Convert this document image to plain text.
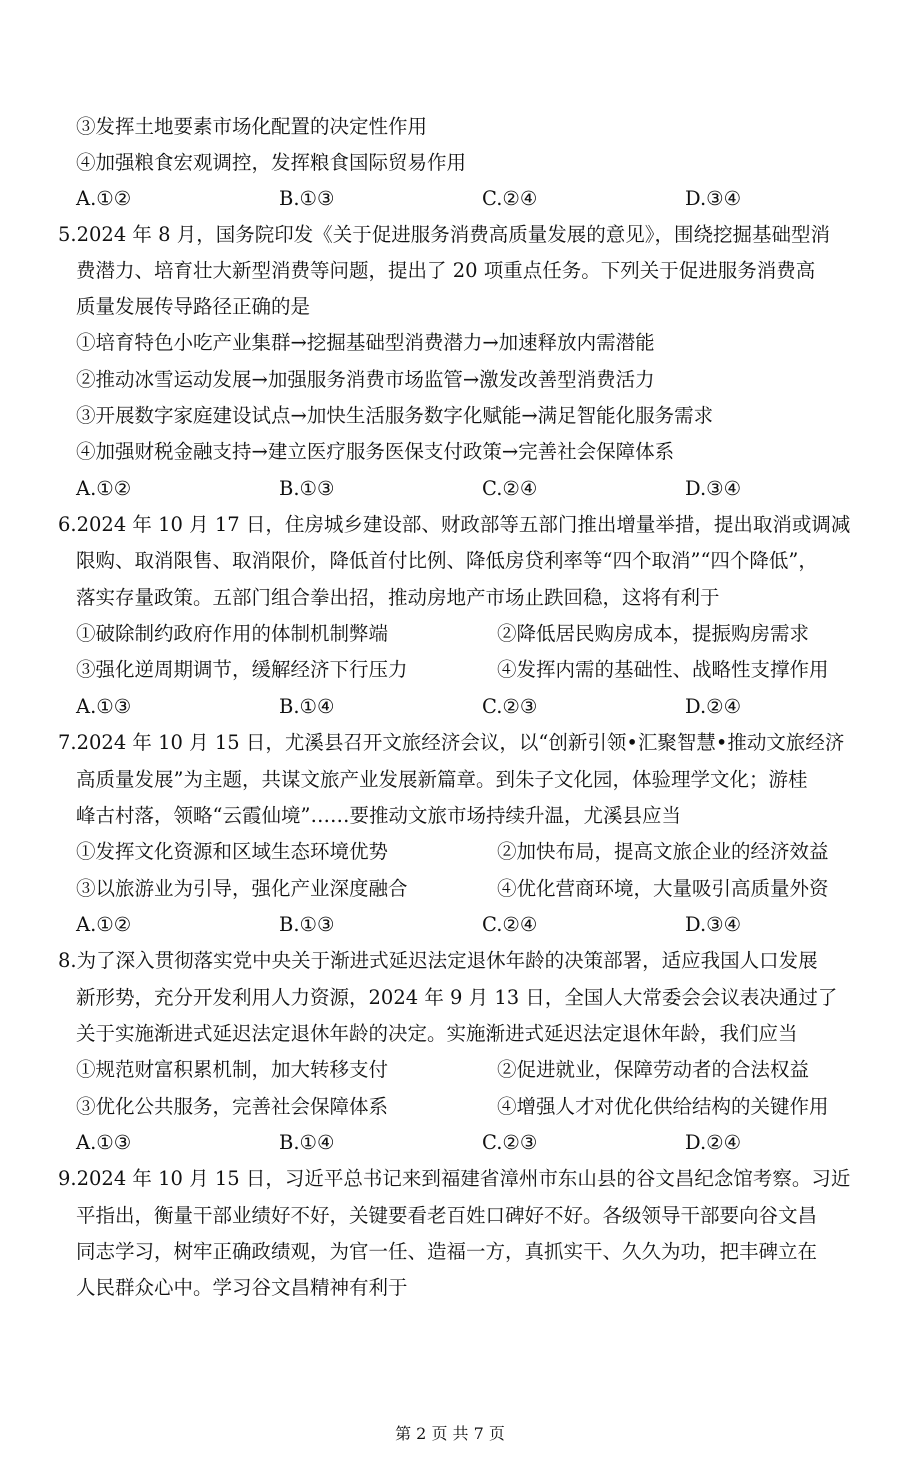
③发挥土地要素市场化配置的决定性作用
④加强粮食宏观调控，发挥粮食国际贸易作用
A.①②	B.①③	C.②④	D.③④
5.2024 年 8 月，国务院印发《关于促进服务消费高质量发展的意见》，围绕挖掘基础型消
费潜力、培育壮大新型消费等问题，提出了 20 项重点任务。下列关于促进服务消费高
质量发展传导路径正确的是
①培育特色小吃产业集群→挖掘基础型消费潜力→加速释放内需潜能
②推动冰雪运动发展→加强服务消费市场监管→激发改善型消费活力
③开展数字家庭建设试点→加快生活服务数字化赋能→满足智能化服务需求
④加强财税金融支持→建立医疗服务医保支付政策→完善社会保障体系
A.①②	B.①③	C.②④	D.③④
6.2024 年 10 月 17 日，住房城乡建设部、财政部等五部门推出增量举措，提出取消或调减
限购、取消限售、取消限价，降低首付比例、降低房贷利率等“四个取消”“四个降低”，
落实存量政策。五部门组合拳出招，推动房地产市场止跌回稳，这将有利于
①破除制约政府作用的体制机制弊端	②降低居民购房成本，提振购房需求
③强化逆周期调节，缓解经济下行压力	④发挥内需的基础性、战略性支撑作用
A.①③	B.①④	C.②③	D.②④
7.2024 年 10 月 15 日，尤溪县召开文旅经济会议，以“创新引领•汇聚智慧•推动文旅经济
高质量发展”为主题，共谋文旅产业发展新篇章。到朱子文化园，体验理学文化；游桂
峰古村落，领略“云霞仙境”……要推动文旅市场持续升温，尤溪县应当
①发挥文化资源和区域生态环境优势	②加快布局，提高文旅企业的经济效益
③以旅游业为引导，强化产业深度融合	④优化营商环境，大量吸引高质量外资
A.①②	B.①③	C.②④	D.③④
8.为了深入贯彻落实党中央关于渐进式延迟法定退休年龄的决策部署，适应我国人口发展
新形势，充分开发利用人力资源，2024 年 9 月 13 日，全国人大常委会会议表决通过了
关于实施渐进式延迟法定退休年龄的决定。实施渐进式延迟法定退休年龄，我们应当
①规范财富积累机制，加大转移支付	②促进就业，保障劳动者的合法权益
③优化公共服务，完善社会保障体系	④增强人才对优化供给结构的关键作用
A.①③	B.①④	C.②③	D.②④
9.2024 年 10 月 15 日，习近平总书记来到福建省漳州市东山县的谷文昌纪念馆考察。习近
平指出，衡量干部业绩好不好，关键要看老百姓口碑好不好。各级领导干部要向谷文昌
同志学习，树牢正确政绩观，为官一任、造福一方，真抓实干、久久为功，把丰碑立在
人民群众心中。学习谷文昌精神有利于
第 2 页 共 7 页
